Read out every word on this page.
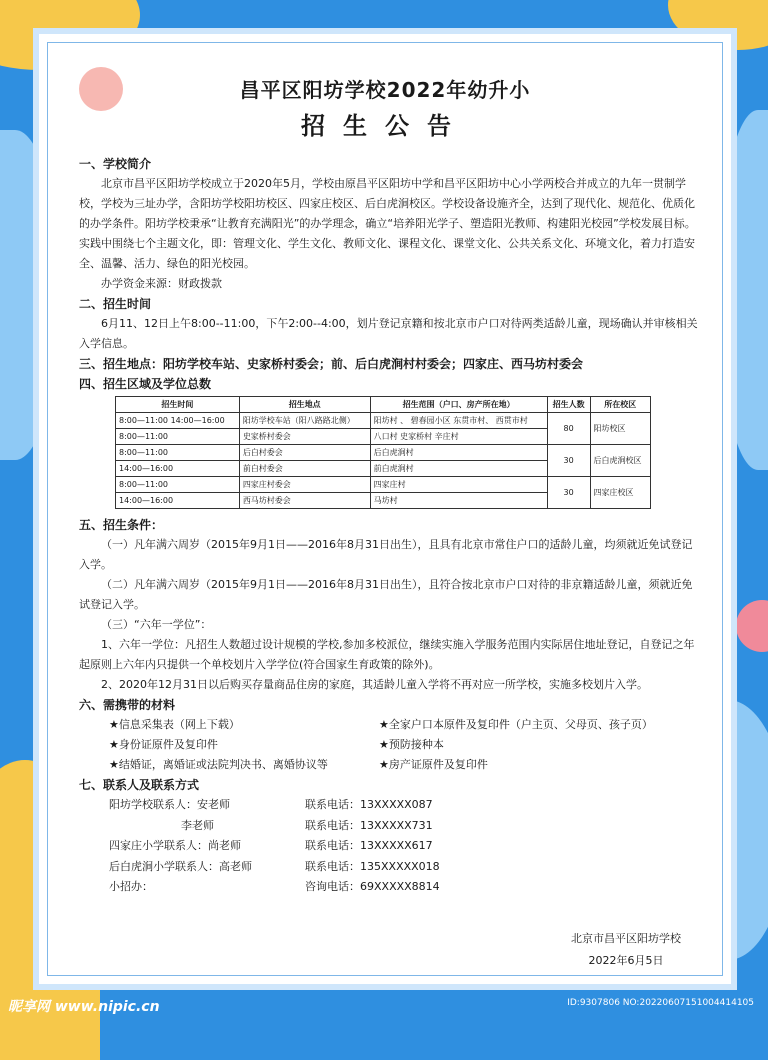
昌平区阳坊学校2022年幼升小
招生公告
一、学校简介
北京市昌平区阳坊学校成立于2020年5月，学校由原昌平区阳坊中学和昌平区阳坊中心小学两校合并成立的九年一贯制学校，学校为三址办学，含阳坊学校阳坊校区、四家庄校区、后白虎涧校区。学校设备设施齐全，达到了现代化、规范化、优质化的办学条件。阳坊学校秉承“让教育充满阳光”的办学理念，确立“培养阳光学子、塑造阳光教师、构建阳光校园”学校发展目标。实践中围绕七个主题文化，即：管理文化、学生文化、教师文化、课程文化、课堂文化、公共关系文化、环境文化，着力打造安全、温馨、活力、绿色的阳光校园。
办学资金来源：财政拨款
二、招生时间
6月11、12日上午8:00--11:00，下午2:00--4:00，划片登记京籍和按北京市户口对待两类适龄儿童，现场确认并审核相关入学信息。
三、招生地点：阳坊学校车站、史家桥村委会；前、后白虎涧村村委会；四家庄、西马坊村委会
四、招生区域及学位总数
招生时间	招生地点	招生范围（户口、房产所在地）	招生人数	所在校区
8:00—11:00 14:00—16:00	阳坊学校车站（阳八路路北侧）	阳坊村 、 碧春园小区 东贯市村、 西贯市村	80	阳坊校区
8:00—11:00	史家桥村委会	八口村 史家桥村 辛庄村		
8:00—11:00	后白村委会	后白虎涧村	30	后白虎涧校区
14:00—16:00	前白村委会	前白虎涧村		
8:00—11:00	四家庄村委会	四家庄村	30	四家庄校区
14:00—16:00	西马坊村委会	马坊村		
五、招生条件：
（一）凡年满六周岁（2015年9月1日——2016年8月31日出生），且具有北京市常住户口的适龄儿童，均须就近免试登记入学。
（二）凡年满六周岁（2015年9月1日——2016年8月31日出生），且符合按北京市户口对待的非京籍适龄儿童，须就近免试登记入学。
（三）“六年一学位”：
1、六年一学位：凡招生人数超过设计规模的学校,参加多校派位，继续实施入学服务范围内实际居住地址登记，自登记之年起原则上六年内只提供一个单校划片入学学位(符合国家生育政策的除外)。
2、2020年12月31日以后购买存量商品住房的家庭，其适龄儿童入学将不再对应一所学校，实施多校划片入学。
六、需携带的材料
★信息采集表（网上下载）	★全家户口本原件及复印件（户主页、父母页、孩子页）
★身份证原件及复印件	★预防接种本
★结婚证，离婚证或法院判决书、离婚协议等	★房产证原件及复印件
七、联系人及联系方式
阳坊学校联系人：安老师	联系电话：13XXXXX087
李老师	联系电话：13XXXXX731
四家庄小学联系人：尚老师	联系电话：13XXXXX617
后白虎涧小学联系人：高老师	联系电话：135XXXXX018
小招办：	咨询电话：69XXXXX8814
北京市昌平区阳坊学校
2022年6月5日
昵享网 www.nipic.cn	ID:9307806 NO:20220607151004414105
